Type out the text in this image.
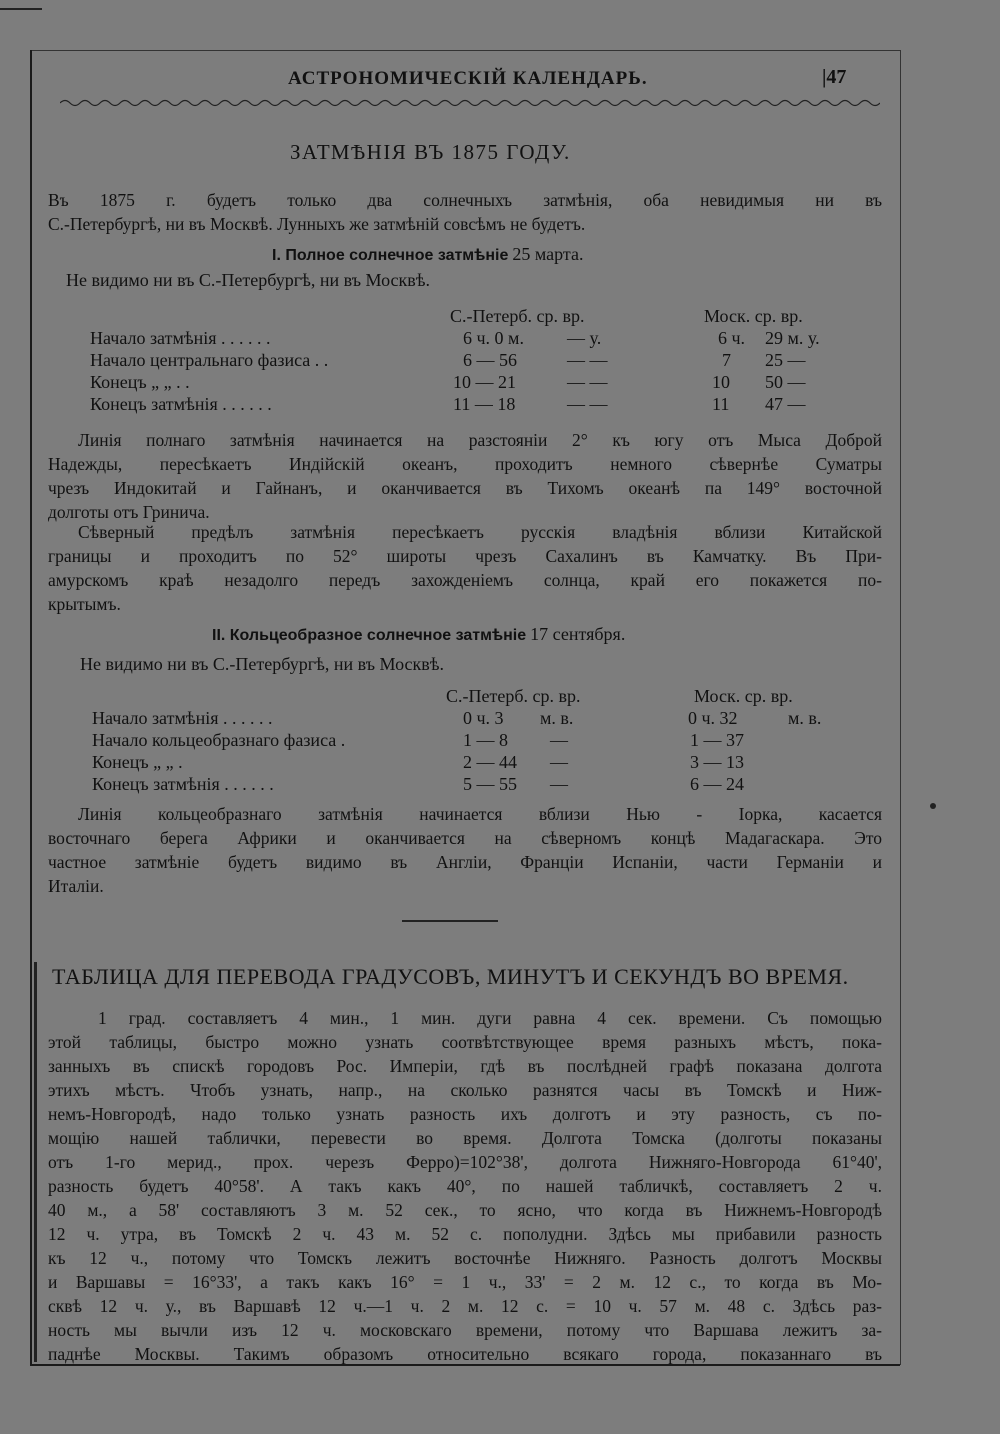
АСТРОНОМИЧЕСКІЙ КАЛЕНДАРЬ.	|47
ЗАТМѢНІЯ ВЪ 1875 ГОДУ.
Въ 1875 г. будетъ только два солнечныхъ затмѣнія, оба невидимыя ни въ
С.-Петербургѣ, ни въ Москвѣ. Лунныхъ же затмѣній совсѣмъ не будетъ.
I. Полное солнечное затмѣніе 25 марта.
Не видимо ни въ С.-Петербургѣ, ни въ Москвѣ.
С.-Петерб. ср. вр.	Моск. ср. вр.
Начало затмѣнія . . . . . .	6 ч. 0 м. — у.	6 ч. 29 м. у.
Начало центральнаго фазиса . .	6 — 56	— —	7 25 —
Конецъ „ „ . .	10 — 21	— —	10 50 —
Конецъ затмѣнія . . . . . .	11 — 18	— —	11 47 —
Линія полнаго затмѣнія начинается на разстояніи 2° къ югу отъ Мыса Доброй
Надежды, пересѣкаетъ Индійскій океанъ, проходитъ немного сѣвернѣе Суматры
чрезъ Индокитай и Гайнанъ, и оканчивается въ Тихомъ океанѣ па 149° восточной
долготы отъ Гринича.
Сѣверный предѣлъ затмѣнія пересѣкаетъ русскія владѣнія вблизи Китайской
границы и проходитъ по 52° широты чрезъ Сахалинъ въ Камчатку. Въ При-
амурскомъ краѣ незадолго передъ захожденіемъ солнца, край его покажется по-
крытымъ.
II. Кольцеобразное солнечное затмѣніе 17 сентября.
Не видимо ни въ С.-Петербургѣ, ни въ Москвѣ.
С.-Петерб. ср. вр.	Моск. ср. вр.
Начало затмѣнія . . . . . .	0 ч. 3 м. в.	0 ч. 32	м. в.
Начало кольцеобразнаго фазиса .	1 — 8 —	1 — 37
Конецъ „ „ .	2 — 44 —	3 — 13
Конецъ затмѣнія . . . . . .	5 — 55 —	6 — 24
Линія кольцеобразнаго затмѣнія начинается вблизи Нью - Іорка, касается
восточнаго берега Африки и оканчивается на сѣверномъ концѣ Мадагаскара. Это
частное затмѣніе будетъ видимо въ Англіи, Франціи Испаніи, части Германіи и
Италіи.
ТАБЛИЦА ДЛЯ ПЕРЕВОДА ГРАДУСОВЪ, МИНУТЪ И СЕКУНДЪ ВО ВРЕМЯ.
1 град. составляетъ 4 мин., 1 мин. дуги равна 4 сек. времени. Съ помощью
этой таблицы, быстро можно узнать соотвѣтствующее время разныхъ мѣстъ, пока-
занныхъ въ спискѣ городовъ Рос. Имперіи, гдѣ въ послѣдней графѣ показана долгота
этихъ мѣстъ. Чтобъ узнать, напр., на сколько разнятся часы въ Томскѣ и Ниж-
немъ-Новгородѣ, надо только узнать разность ихъ долготъ и эту разность, съ по-
мощію нашей таблички, перевести во время. Долгота Томска (долготы показаны
отъ 1-го мерид., прох. черезъ Ферро)=102°38', долгота Нижняго-Новгорода 61°40',
разность будетъ 40°58'. А такъ какъ 40°, по нашей табличкѣ, составляетъ 2 ч.
40 м., а 58' составляютъ 3 м. 52 сек., то ясно, что когда въ Нижнемъ-Новгородѣ
12 ч. утра, въ Томскѣ 2 ч. 43 м. 52 с. пополудни. Здѣсь мы прибавили разность
къ 12 ч., потому что Томскъ лежитъ восточнѣе Нижняго. Разность долготъ Москвы
и Варшавы = 16°33', а такъ какъ 16° = 1 ч., 33' = 2 м. 12 с., то когда въ Мо-
сквѣ 12 ч. у., въ Варшавѣ 12 ч.—1 ч. 2 м. 12 с. = 10 ч. 57 м. 48 с. Здѣсь раз-
ность мы вычли изъ 12 ч. московскаго времени, потому что Варшава лежитъ за-
паднѣе Москвы. Такимъ образомъ относительно всякаго города, показаннаго въ
